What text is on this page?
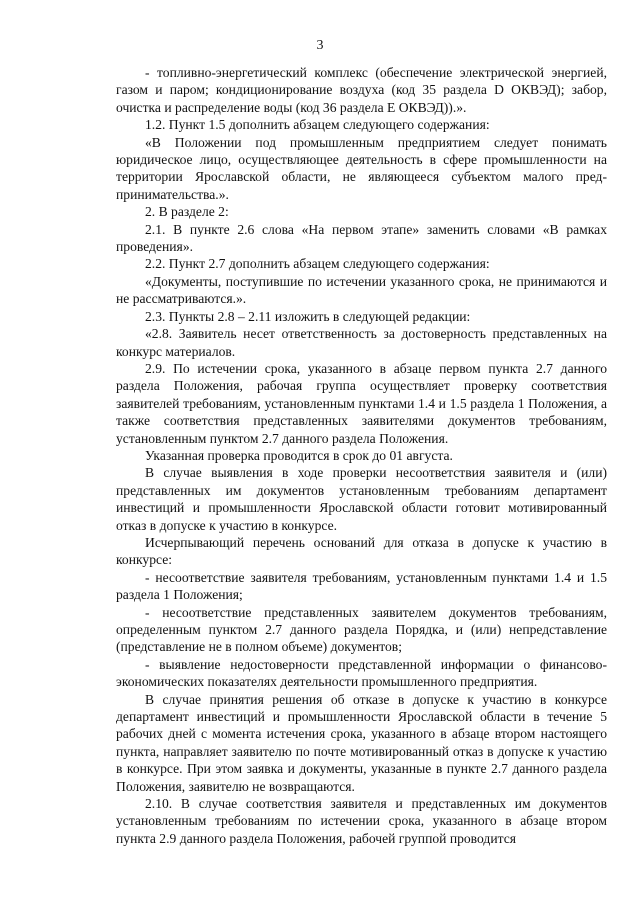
3

- топливно-энергетический комплекс (обеспечение электрической энергией, газом и паром; кондиционирование воздуха (код 35 раздела D ОКВЭД); забор, очистка и распределение воды (код 36 раздела Е ОКВЭД)).».

1.2. Пункт 1.5 дополнить абзацем следующего содержания:

«В Положении под промышленным предприятием следует понимать юридическое лицо, осуществляющее деятельность в сфере промышленности на территории Ярославской области, не являющееся субъектом малого предпринимательства.».

2. В разделе 2:

2.1. В пункте 2.6 слова «На первом этапе» заменить словами «В рамках проведения».

2.2. Пункт 2.7 дополнить абзацем следующего содержания:

«Документы, поступившие по истечении указанного срока, не принимаются и не рассматриваются.».

2.3. Пункты 2.8 – 2.11 изложить в следующей редакции:

«2.8. Заявитель несет ответственность за достоверность представленных на конкурс материалов.

2.9. По истечении срока, указанного в абзаце первом пункта 2.7 данного раздела Положения, рабочая группа осуществляет проверку соответствия заявителей требованиям, установленным пунктами 1.4 и 1.5 раздела 1 Положения, а также соответствия представленных заявителями документов требованиям, установленным пунктом 2.7 данного раздела Положения.

Указанная проверка проводится в срок до 01 августа.

В случае выявления в ходе проверки несоответствия заявителя и (или) представленных им документов установленным требованиям департамент инвестиций и промышленности Ярославской области готовит мотивированный отказ в допуске к участию в конкурсе.

Исчерпывающий перечень оснований для отказа в допуске к участию в конкурсе:

- несоответствие заявителя требованиям, установленным пунктами 1.4 и 1.5 раздела 1 Положения;

- несоответствие представленных заявителем документов требованиям, определенным пунктом 2.7 данного раздела Порядка, и (или) непредставление (представление не в полном объеме) документов;

- выявление недостоверности представленной информации о финансово-экономических показателях деятельности промышленного предприятия.

В случае принятия решения об отказе в допуске к участию в конкурсе департамент инвестиций и промышленности Ярославской области в течение 5 рабочих дней с момента истечения срока, указанного в абзаце втором настоящего пункта, направляет заявителю по почте мотивированный отказ в допуске к участию в конкурсе. При этом заявка и документы, указанные в пункте 2.7 данного раздела Положения, заявителю не возвращаются.

2.10. В случае соответствия заявителя и представленных им документов установленным требованиям по истечении срока, указанного в абзаце втором пункта 2.9 данного раздела Положения, рабочей группой проводится
